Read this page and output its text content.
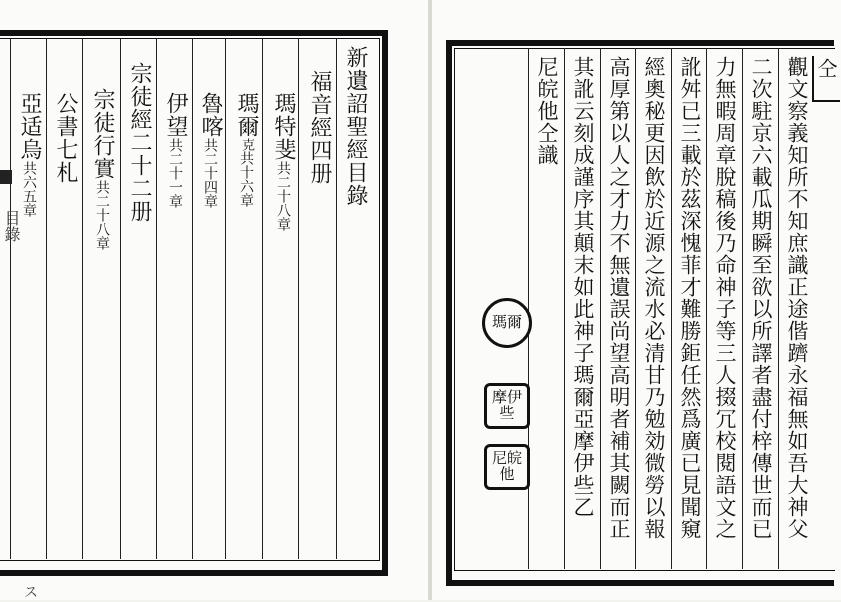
新遺詔聖經目錄
福音經四册
瑪特斐共二十八章
瑪爾克共十六章
魯喀共二十四章
伊望共二十一章
宗徒經二十二册
宗徒行實共二十八章
公書七札
亞适烏共六五章
目錄
ス
觀文察義知所不知庶識正途偕躋永福無如吾大神父
二次駐京六載瓜期瞬至欲以所譯者盡付梓傳世而已
力無暇周章脫稿後乃命神子等三人掇冗校閱語文之
訛舛已三載於茲深愧菲才難勝鉅任然爲廣已見聞窺
經奧秘更因飲於近源之流水必清甘乃勉効微勞以報
高厚第以人之才力不無遺誤尚望高明者補其闕而正
其訛云刻成謹序其顛末如此神子瑪爾亞摩伊些乙
尼皖他仝識	仝
瑪爾
摩伊些
尼皖他
